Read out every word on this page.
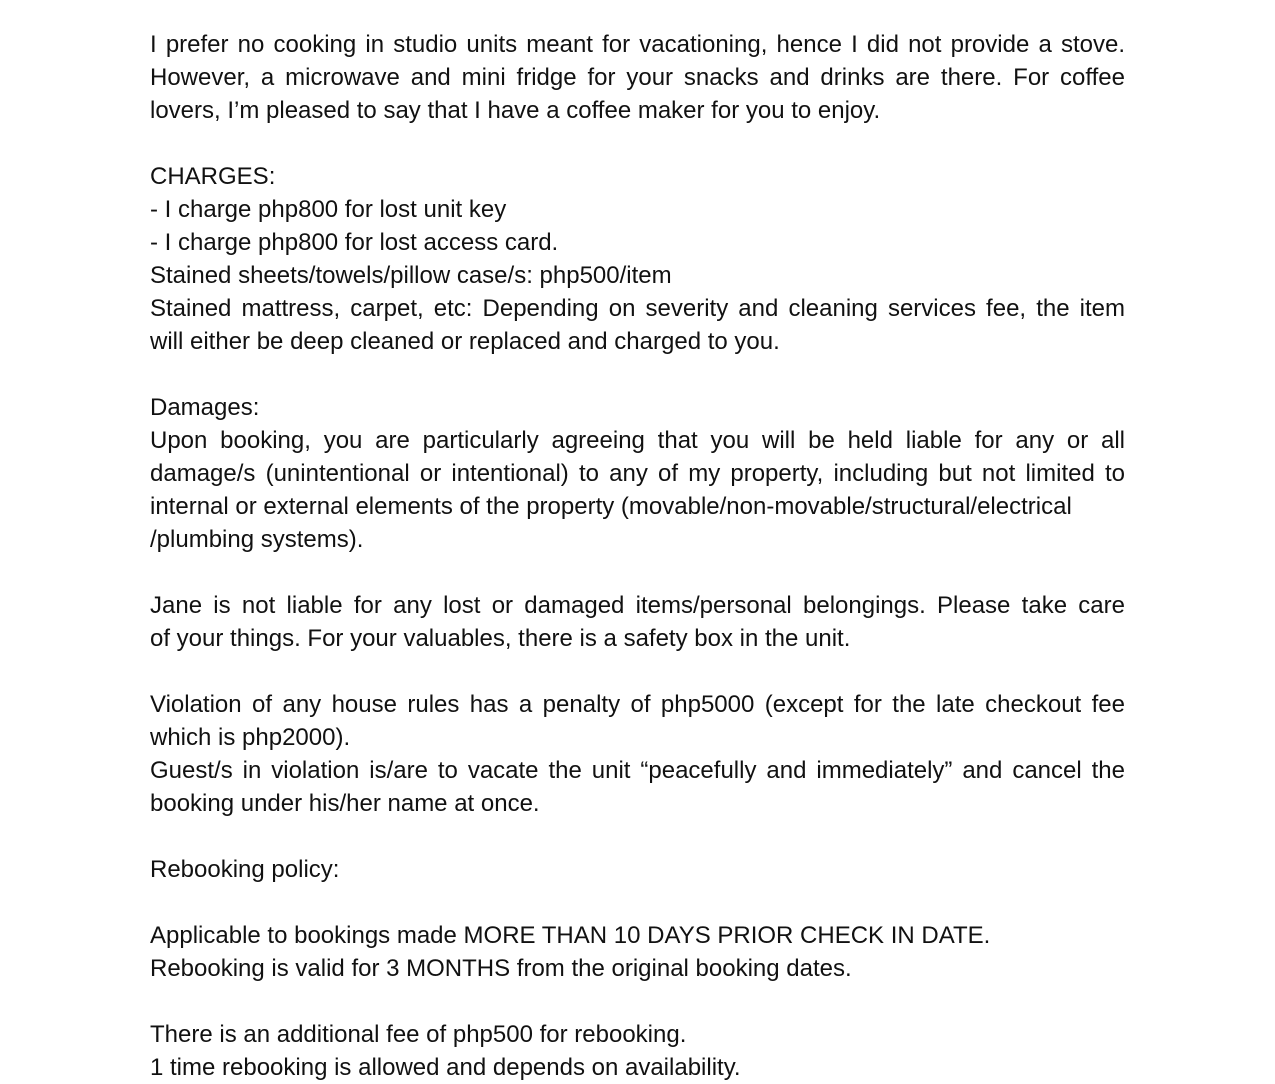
I prefer no cooking in studio units meant for vacationing, hence I did not provide a stove.
However, a microwave and mini fridge for your snacks and drinks are there. For coffee
lovers, I’m pleased to say that I have a coffee maker for you to enjoy.
CHARGES:
- I charge php800 for lost unit key
- I charge php800 for lost access card.
Stained sheets/towels/pillow case/s: php500/item
Stained mattress, carpet, etc: Depending on severity and cleaning services fee, the item
will either be deep cleaned or replaced and charged to you.
Damages:
Upon booking, you are particularly agreeing that you will be held liable for any or all
damage/s (unintentional or intentional) to any of my property, including but not limited to
internal or external elements of the property (movable/non-movable/structural/electrical
/plumbing systems).
Jane is not liable for any lost or damaged items/personal belongings. Please take care
of your things. For your valuables, there is a safety box in the unit.
Violation of any house rules has a penalty of php5000 (except for the late checkout fee
which is php2000).
Guest/s in violation is/are to vacate the unit “peacefully and immediately” and cancel the
booking under his/her name at once.
Rebooking policy:
Applicable to bookings made MORE THAN 10 DAYS PRIOR CHECK IN DATE.
Rebooking is valid for 3 MONTHS from the original booking dates.
There is an additional fee of php500 for rebooking.
1 time rebooking is allowed and depends on availability.
